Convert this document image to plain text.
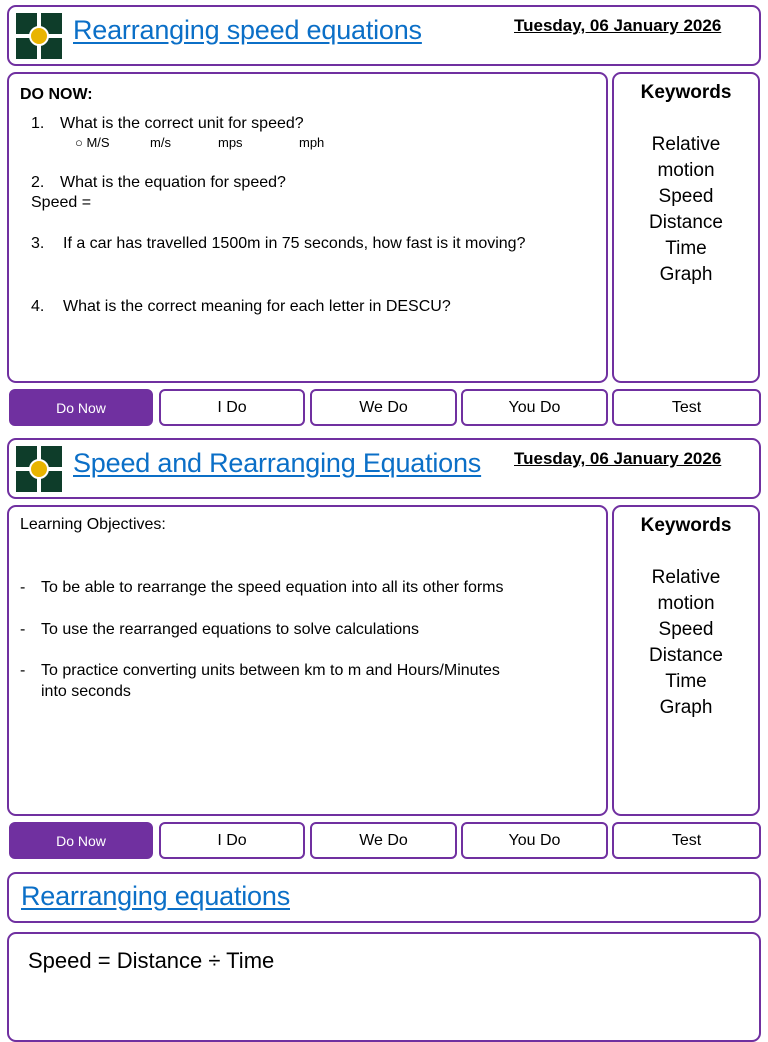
Rearranging speed equations	Tuesday, 06 January 2026
DO NOW:
1. What is the correct unit for speed?
○ M/S	m/s	mps	mph
2. What is the equation for speed?
Speed =
3. If a car has travelled 1500m in 75 seconds, how fast is it moving?
4. What is the correct meaning for each letter in DESCU?
Keywords
Relative
motion
Speed
Distance
Time
Graph
Do Now	I Do	We Do	You Do	Test
Speed and Rearranging Equations Tuesday, 06 January 2026
Learning Objectives:
- To be able to rearrange the speed equation into all its other forms
- To use the rearranged equations to solve calculations
- To practice converting units between km to m and Hours/Minutes
into seconds
Keywords
Relative
motion
Speed
Distance
Time
Graph
Do Now	I Do	We Do	You Do	Test
Rearranging equations
Speed = Distance ÷ Time
